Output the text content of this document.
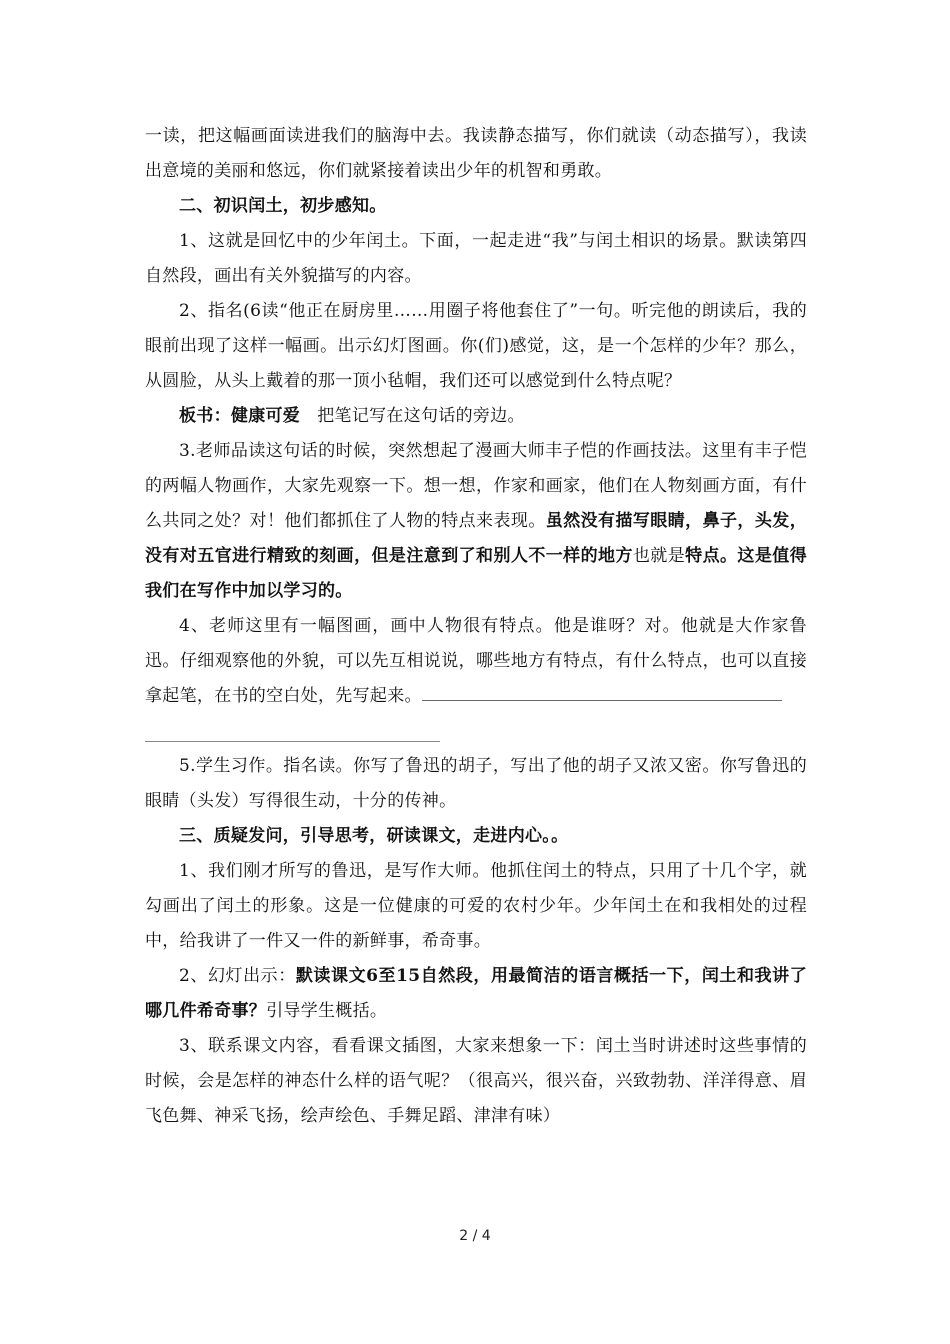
一读，把这幅画面读进我们的脑海中去。我读静态描写，你们就读（动态描写），我读出意境的美丽和悠远，你们就紧接着读出少年的机智和勇敢。

二、初识闰土，初步感知。

1、这就是回忆中的少年闰土。下面，一起走进“我”与闰土相识的场景。默读第四自然段，画出有关外貌描写的内容。

2、指名(6读“他正在厨房里……用圈子将他套住了”一句。听完他的朗读后，我的眼前出现了这样一幅画。出示幻灯图画。你(们)感觉，这，是一个怎样的少年？那么，从圆脸，从头上戴着的那一顶小毡帽，我们还可以感觉到什么特点呢？

板书：健康可爱 把笔记写在这句话的旁边。

3.老师品读这句话的时候，突然想起了漫画大师丰子恺的作画技法。这里有丰子恺的两幅人物画作，大家先观察一下。想一想，作家和画家，他们在人物刻画方面，有什么共同之处？对！他们都抓住了人物的特点来表现。虽然没有描写眼睛，鼻子，头发，没有对五官进行精致的刻画，但是注意到了和别人不一样的地方也就是特点。这是值得我们在写作中加以学习的。

4、老师这里有一幅图画，画中人物很有特点。他是谁呀？对。他就是大作家鲁迅。仔细观察他的外貌，可以先互相说说，哪些地方有特点，有什么特点，也可以直接拿起笔，在书的空白处，先写起来。

5.学生习作。指名读。你写了鲁迅的胡子，写出了他的胡子又浓又密。你写鲁迅的眼睛（头发）写得很生动，十分的传神。

三、质疑发问，引导思考，研读课文，走进内心。。

1、我们刚才所写的鲁迅，是写作大师。他抓住闰土的特点，只用了十几个字，就勾画出了闰土的形象。这是一位健康的可爱的农村少年。少年闰土在和我相处的过程中，给我讲了一件又一件的新鲜事，希奇事。

2、幻灯出示：默读课文6至15自然段，用最简洁的语言概括一下，闰土和我讲了哪几件希奇事？引导学生概括。

3、联系课文内容，看看课文插图，大家来想象一下：闰土当时讲述时这些事情的时候，会是怎样的神态什么样的语气呢？（很高兴，很兴奋，兴致勃勃、洋洋得意、眉飞色舞、神采飞扬，绘声绘色、手舞足蹈、津津有味）

2 / 4
